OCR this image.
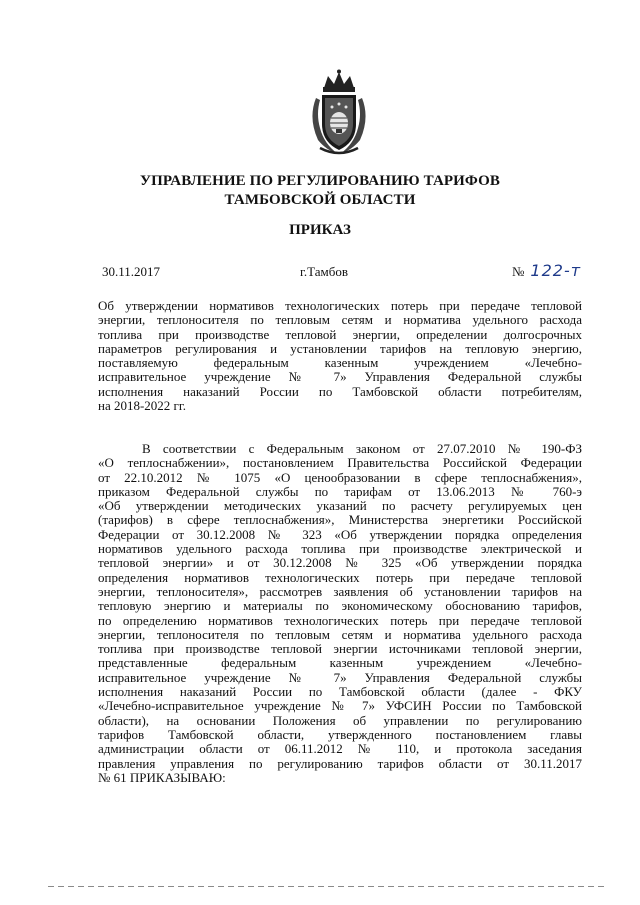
УПРАВЛЕНИЕ ПО РЕГУЛИРОВАНИЮ ТАРИФОВ
ТАМБОВСКОЙ ОБЛАСТИ
ПРИКАЗ
30.11.2017	г.Тамбов	№ 122-т
Об утверждении нормативов технологических потерь при передаче тепловой
энергии, теплоносителя по тепловым сетям и норматива удельного расхода
топлива при производстве тепловой энергии, определении долгосрочных
параметров регулирования и установлении тарифов на тепловую энергию,
поставляемую федеральным казенным учреждением «Лечебно-
исправительное учреждение № 7» Управления Федеральной службы
исполнения наказаний России по Тамбовской области потребителям,
на 2018-2022 гг.
В соответствии с Федеральным законом от 27.07.2010 № 190-ФЗ
«О теплоснабжении», постановлением Правительства Российской Федерации
от 22.10.2012 № 1075 «О ценообразовании в сфере теплоснабжения»,
приказом Федеральной службы по тарифам от 13.06.2013 № 760-э
«Об утверждении методических указаний по расчету регулируемых цен
(тарифов) в сфере теплоснабжения», Министерства энергетики Российской
Федерации от 30.12.2008 № 323 «Об утверждении порядка определения
нормативов удельного расхода топлива при производстве электрической и
тепловой энергии» и от 30.12.2008 № 325 «Об утверждении порядка
определения нормативов технологических потерь при передаче тепловой
энергии, теплоносителя», рассмотрев заявления об установлении тарифов на
тепловую энергию и материалы по экономическому обоснованию тарифов,
по определению нормативов технологических потерь при передаче тепловой
энергии, теплоносителя по тепловым сетям и норматива удельного расхода
топлива при производстве тепловой энергии источниками тепловой энергии,
представленные федеральным казенным учреждением «Лечебно-
исправительное учреждение № 7» Управления Федеральной службы
исполнения наказаний России по Тамбовской области (далее - ФКУ
«Лечебно-исправительное учреждение № 7» УФСИН России по Тамбовской
области), на основании Положения об управлении по регулированию
тарифов Тамбовской области, утвержденного постановлением главы
администрации области от 06.11.2012 № 110, и протокола заседания
правления управления по регулированию тарифов области от 30.11.2017
№ 61 ПРИКАЗЫВАЮ:
